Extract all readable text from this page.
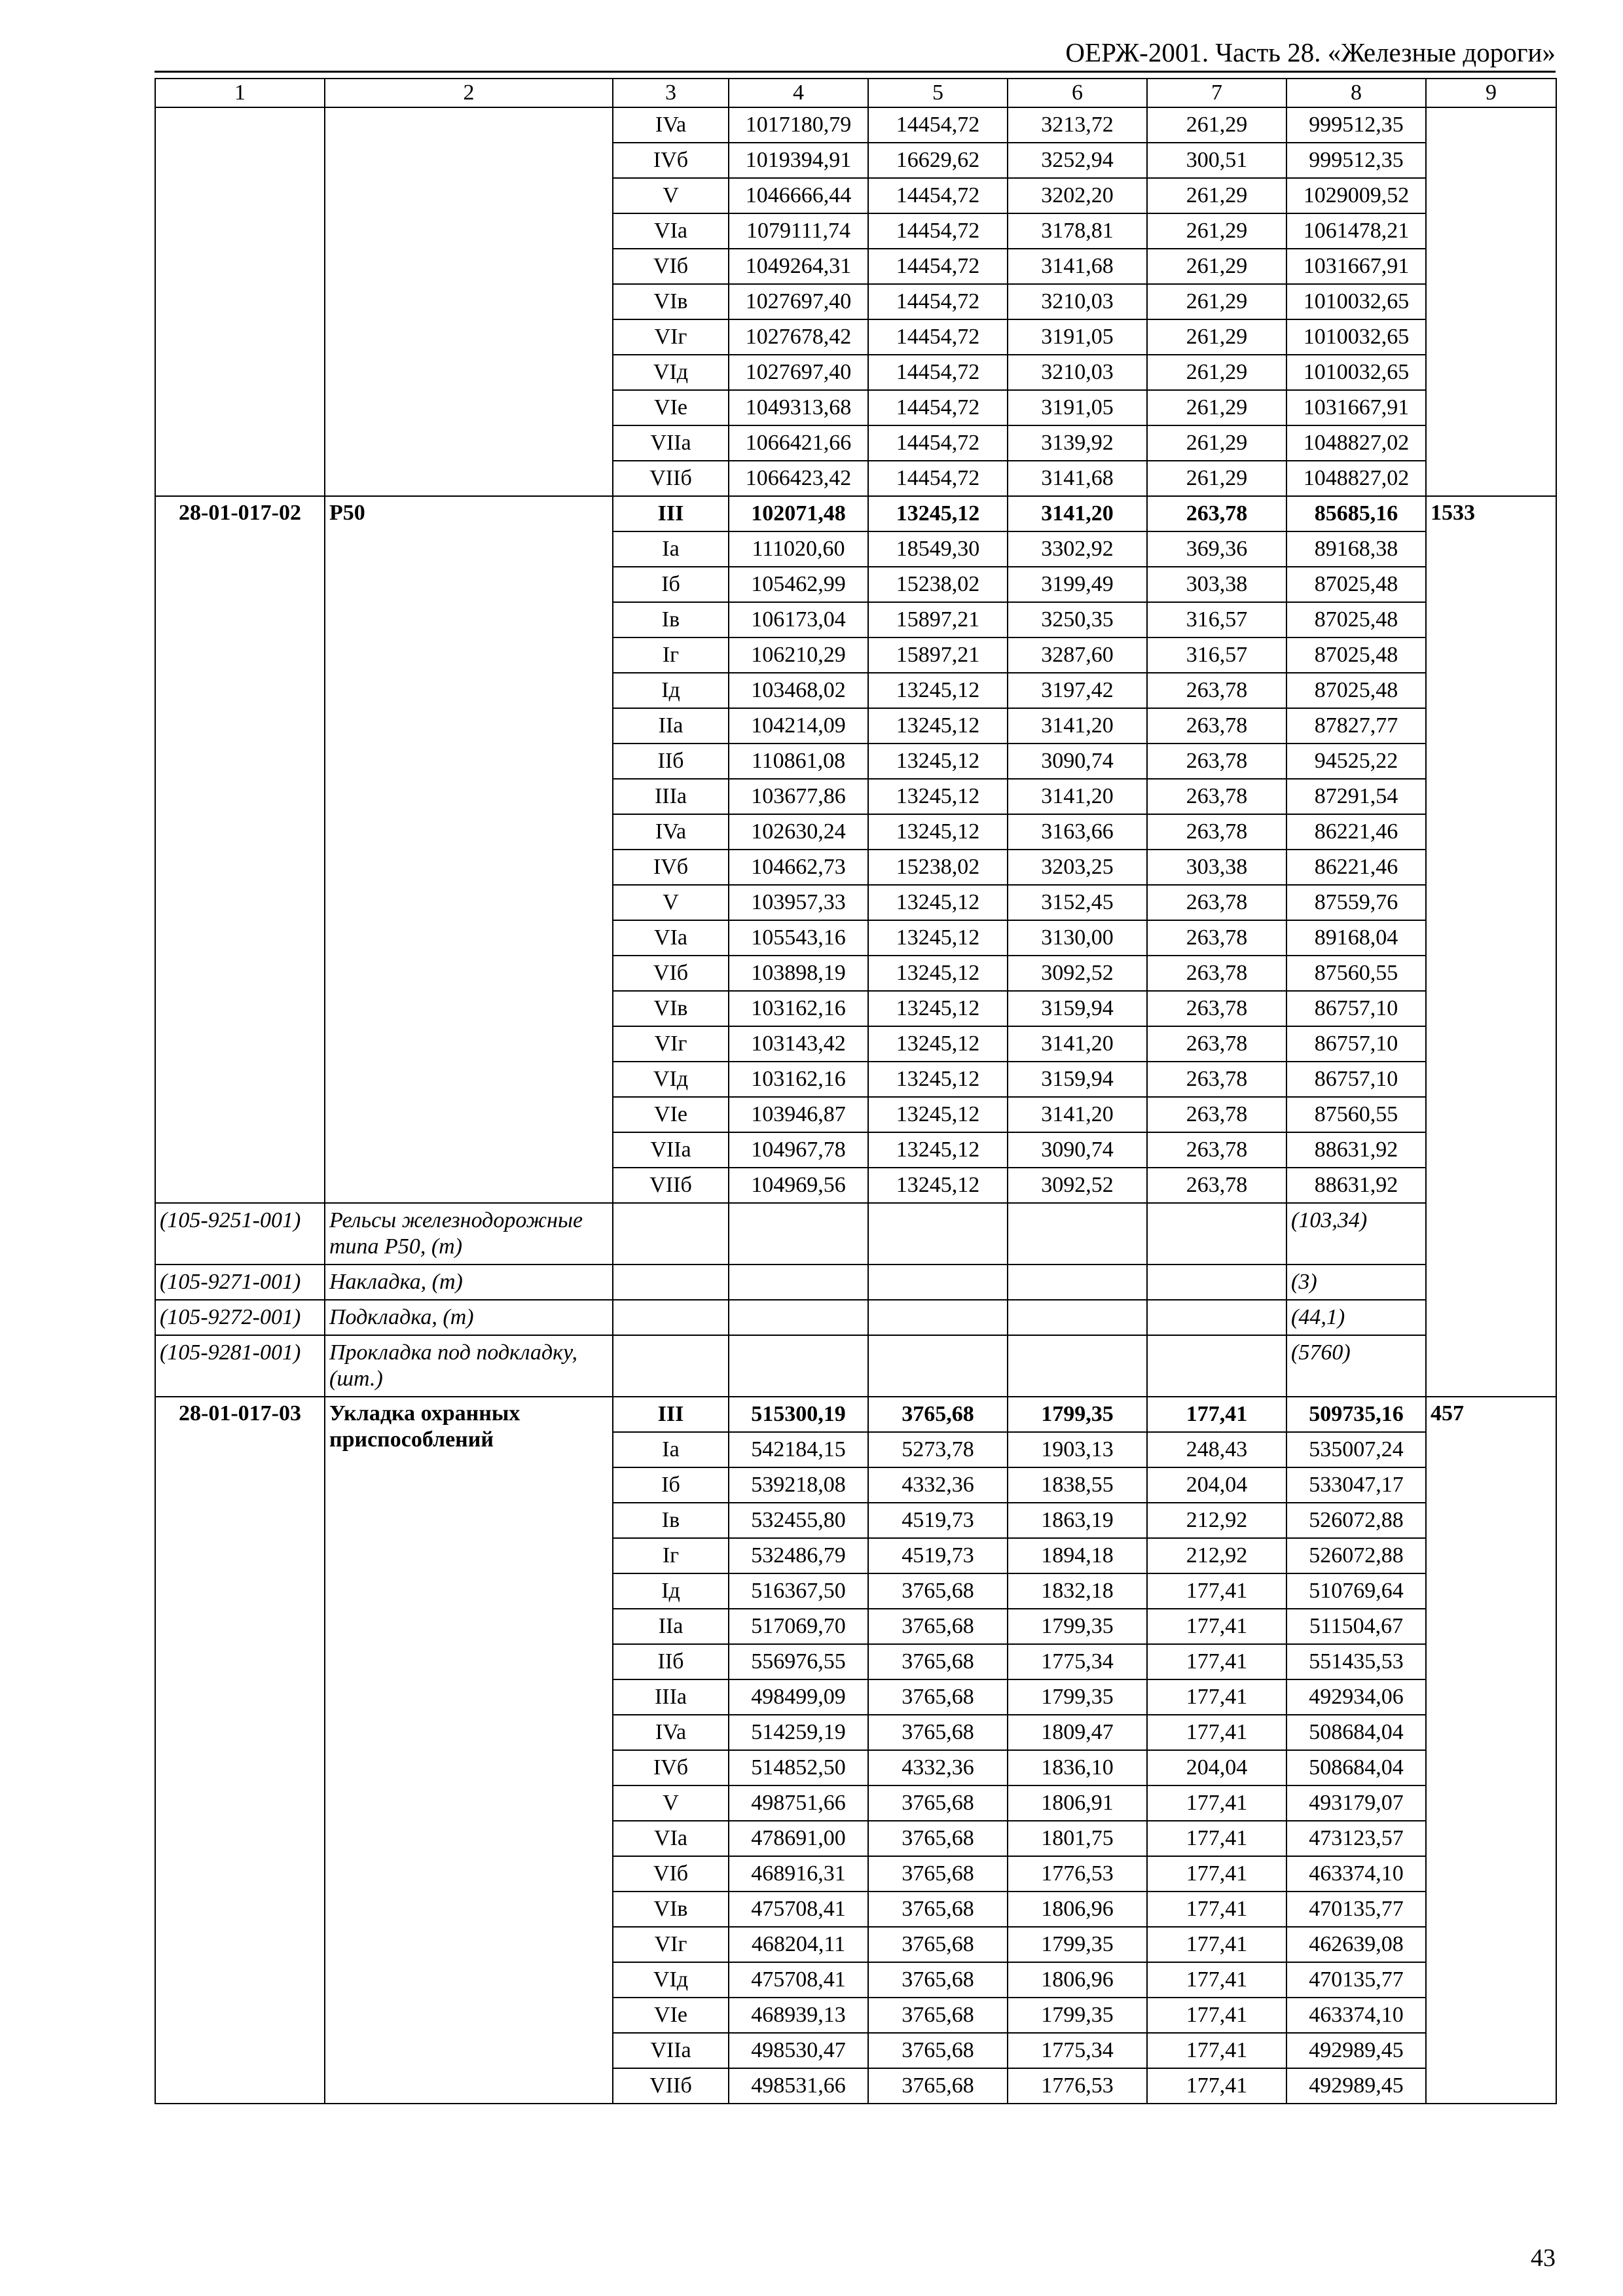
ОЕРЖ-2001. Часть 28. «Железные дороги»
1	2	3	4	5	6	7	8	9
		IVa	1017180,79	14454,72	3213,72	261,29	999512,35	
		IVб	1019394,91	16629,62	3252,94	300,51	999512,35	
		V	1046666,44	14454,72	3202,20	261,29	1029009,52	
		VIa	1079111,74	14454,72	3178,81	261,29	1061478,21	
		VIб	1049264,31	14454,72	3141,68	261,29	1031667,91	
		VIв	1027697,40	14454,72	3210,03	261,29	1010032,65	
		VIг	1027678,42	14454,72	3191,05	261,29	1010032,65	
		VIд	1027697,40	14454,72	3210,03	261,29	1010032,65	
		VIe	1049313,68	14454,72	3191,05	261,29	1031667,91	
		VIIa	1066421,66	14454,72	3139,92	261,29	1048827,02	
		VIIб	1066423,42	14454,72	3141,68	261,29	1048827,02	
28-01-017-02	Р50	III	102071,48	13245,12	3141,20	263,78	85685,16	1533
		Ia	111020,60	18549,30	3302,92	369,36	89168,38	
		Iб	105462,99	15238,02	3199,49	303,38	87025,48	
		Iв	106173,04	15897,21	3250,35	316,57	87025,48	
		Iг	106210,29	15897,21	3287,60	316,57	87025,48	
		Iд	103468,02	13245,12	3197,42	263,78	87025,48	
		IIa	104214,09	13245,12	3141,20	263,78	87827,77	
		IIб	110861,08	13245,12	3090,74	263,78	94525,22	
		IIIa	103677,86	13245,12	3141,20	263,78	87291,54	
		IVa	102630,24	13245,12	3163,66	263,78	86221,46	
		IVб	104662,73	15238,02	3203,25	303,38	86221,46	
		V	103957,33	13245,12	3152,45	263,78	87559,76	
		VIa	105543,16	13245,12	3130,00	263,78	89168,04	
		VIб	103898,19	13245,12	3092,52	263,78	87560,55	
		VIв	103162,16	13245,12	3159,94	263,78	86757,10	
		VIг	103143,42	13245,12	3141,20	263,78	86757,10	
		VIд	103162,16	13245,12	3159,94	263,78	86757,10	
		VIe	103946,87	13245,12	3141,20	263,78	87560,55	
		VIIa	104967,78	13245,12	3090,74	263,78	88631,92	
		VIIб	104969,56	13245,12	3092,52	263,78	88631,92	
(105-9251-001)	Рельсы железнодорожные типа Р50, (т)						(103,34)	
(105-9271-001)	Накладка, (т)						(3)	
(105-9272-001)	Подкладка, (т)						(44,1)	
(105-9281-001)	Прокладка под подкладку, (шт.)						(5760)	
28-01-017-03	Укладка охранных приспособлений	III	515300,19	3765,68	1799,35	177,41	509735,16	457
		Ia	542184,15	5273,78	1903,13	248,43	535007,24	
		Iб	539218,08	4332,36	1838,55	204,04	533047,17	
		Iв	532455,80	4519,73	1863,19	212,92	526072,88	
		Iг	532486,79	4519,73	1894,18	212,92	526072,88	
		Iд	516367,50	3765,68	1832,18	177,41	510769,64	
		IIa	517069,70	3765,68	1799,35	177,41	511504,67	
		IIб	556976,55	3765,68	1775,34	177,41	551435,53	
		IIIa	498499,09	3765,68	1799,35	177,41	492934,06	
		IVa	514259,19	3765,68	1809,47	177,41	508684,04	
		IVб	514852,50	4332,36	1836,10	204,04	508684,04	
		V	498751,66	3765,68	1806,91	177,41	493179,07	
		VIa	478691,00	3765,68	1801,75	177,41	473123,57	
		VIб	468916,31	3765,68	1776,53	177,41	463374,10	
		VIв	475708,41	3765,68	1806,96	177,41	470135,77	
		VIг	468204,11	3765,68	1799,35	177,41	462639,08	
		VIд	475708,41	3765,68	1806,96	177,41	470135,77	
		VIe	468939,13	3765,68	1799,35	177,41	463374,10	
		VIIa	498530,47	3765,68	1775,34	177,41	492989,45	
		VIIб	498531,66	3765,68	1776,53	177,41	492989,45	
43
